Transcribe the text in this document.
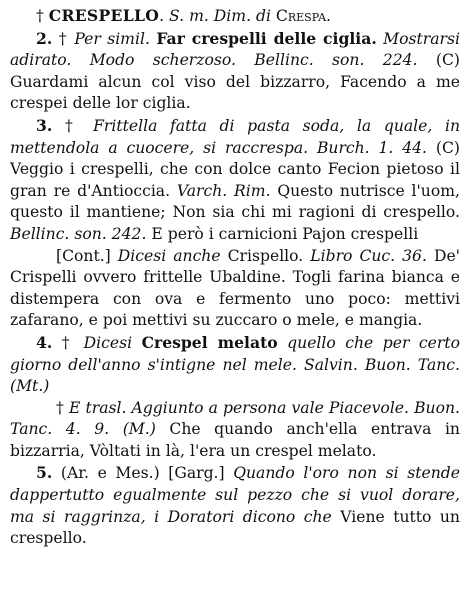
† CRESPELLO. S. m. Dim. di Crespa.

2. † Per simil. Far crespelli delle ciglia. Mostrarsi adirato. Modo scherzoso. Bellinc. son. 224. (C) Guardami alcun col viso del bizzarro, Facendo a me crespei delle lor ciglia.

3. † Frittella fatta di pasta soda, la quale, in mettendola a cuocere, si raccrespa. Burch. 1. 44. (C) Veggio i crespelli, che con dolce canto Fecion pietoso il gran re d'Antioccia. Varch. Rim. Questo nutrisce l'uom, questo il mantiene; Non sia chi mi ragioni di crespello. Bellinc. son. 242. E però i carnicioni Pajon crespelli

[Cont.] Dicesi anche Crispello. Libro Cuc. 36. De' Crispelli ovvero frittelle Ubaldine. Togli farina bianca e distempera con ova e fermento uno poco: mettivi zafarano, e poi mettivi su zuccaro o mele, e mangia.

4. † Dicesi Crespel melato quello che per certo giorno dell'anno s'intigne nel mele. Salvin. Buon. Tanc. (Mt.)

† E trasl. Aggiunto a persona vale Piacevole. Buon. Tanc. 4. 9. (M.) Che quando anch'ella entrava in bizzarria, Vòltati in là, l'era un crespel melato.

5. (Ar. e Mes.) [Garg.] Quando l'oro non si stende dappertutto egualmente sul pezzo che si vuol dorare, ma si raggrinza, i Doratori dicono che Viene tutto un crespello.
